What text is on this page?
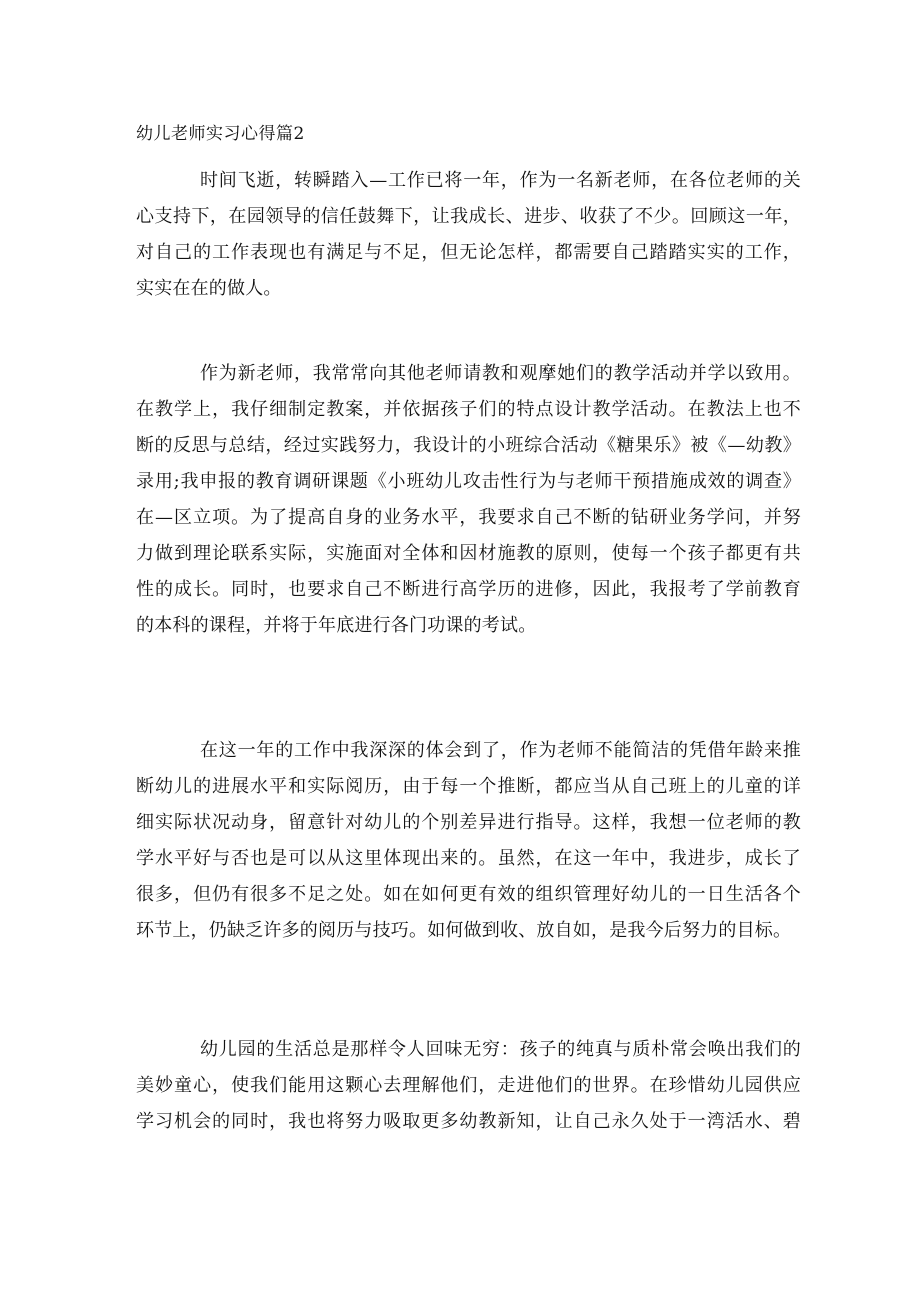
幼儿老师实习心得篇2
时间飞逝，转瞬踏入—工作已将一年，作为一名新老师，在各位老师的关
心支持下，在园领导的信任鼓舞下，让我成长、进步、收获了不少。回顾这一年，
对自己的工作表现也有满足与不足，但无论怎样，都需要自己踏踏实实的工作，
实实在在的做人。
作为新老师，我常常向其他老师请教和观摩她们的教学活动并学以致用。
在教学上，我仔细制定教案，并依据孩子们的特点设计教学活动。在教法上也不
断的反思与总结，经过实践努力，我设计的小班综合活动《糖果乐》被《—幼教》
录用;我申报的教育调研课题《小班幼儿攻击性行为与老师干预措施成效的调查》
在—区立项。为了提高自身的业务水平，我要求自己不断的钻研业务学问，并努
力做到理论联系实际，实施面对全体和因材施教的原则，使每一个孩子都更有共
性的成长。同时，也要求自己不断进行高学历的进修，因此，我报考了学前教育
的本科的课程，并将于年底进行各门功课的考试。
在这一年的工作中我深深的体会到了，作为老师不能简洁的凭借年龄来推
断幼儿的进展水平和实际阅历，由于每一个推断，都应当从自己班上的儿童的详
细实际状况动身，留意针对幼儿的个别差异进行指导。这样，我想一位老师的教
学水平好与否也是可以从这里体现出来的。虽然，在这一年中，我进步，成长了
很多，但仍有很多不足之处。如在如何更有效的组织管理好幼儿的一日生活各个
环节上，仍缺乏许多的阅历与技巧。如何做到收、放自如，是我今后努力的目标。
幼儿园的生活总是那样令人回味无穷：孩子的纯真与质朴常会唤出我们的
美妙童心，使我们能用这颗心去理解他们，走进他们的世界。在珍惜幼儿园供应
学习机会的同时，我也将努力吸取更多幼教新知，让自己永久处于一湾活水、碧
